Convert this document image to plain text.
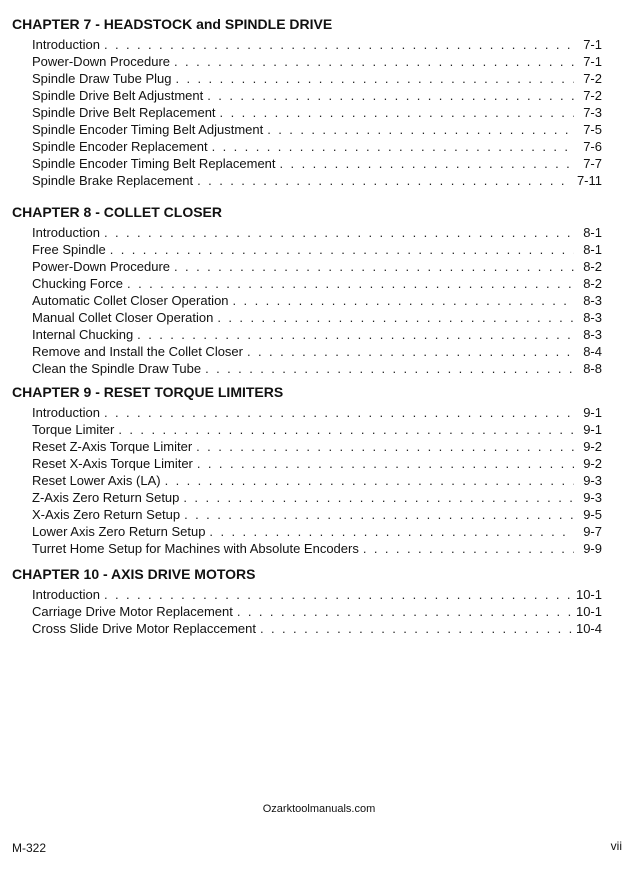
CHAPTER 7 - HEADSTOCK and SPINDLE DRIVE
Introduction . . .	7-1
Power-Down Procedure . . .	7-1
Spindle Draw Tube Plug . . .	7-2
Spindle Drive Belt Adjustment . . .	7-2
Spindle Drive Belt Replacement . . .	7-3
Spindle Encoder Timing Belt Adjustment . . .	7-5
Spindle Encoder Replacement . . .	7-6
Spindle Encoder Timing Belt Replacement . . .	7-7
Spindle Brake Replacement . . .	7-11
CHAPTER 8 - COLLET CLOSER
Introduction . . .	8-1
Free Spindle . . .	8-1
Power-Down Procedure . . .	8-2
Chucking Force . . .	8-2
Automatic Collet Closer Operation . . .	8-3
Manual Collet Closer Operation . . .	8-3
Internal Chucking . . .	8-3
Remove and Install the Collet Closer . . .	8-4
Clean the Spindle Draw Tube . . .	8-8
CHAPTER 9 - RESET TORQUE LIMITERS
Introduction . . .	9-1
Torque Limiter . . .	9-1
Reset Z-Axis Torque Limiter . . .	9-2
Reset X-Axis Torque Limiter . . .	9-2
Reset Lower Axis (LA) . . .	9-3
Z-Axis Zero Return Setup . . .	9-3
X-Axis Zero Return Setup . . .	9-5
Lower Axis Zero Return Setup . . .	9-7
Turret Home Setup for Machines with Absolute Encoders . . .	9-9
CHAPTER 10 - AXIS DRIVE MOTORS
Introduction . . .	10-1
Carriage Drive Motor Replacement . . .	10-1
Cross Slide Drive Motor Replaccement . . .	10-4
Ozarktoolmanuals.com
M-322	vii
